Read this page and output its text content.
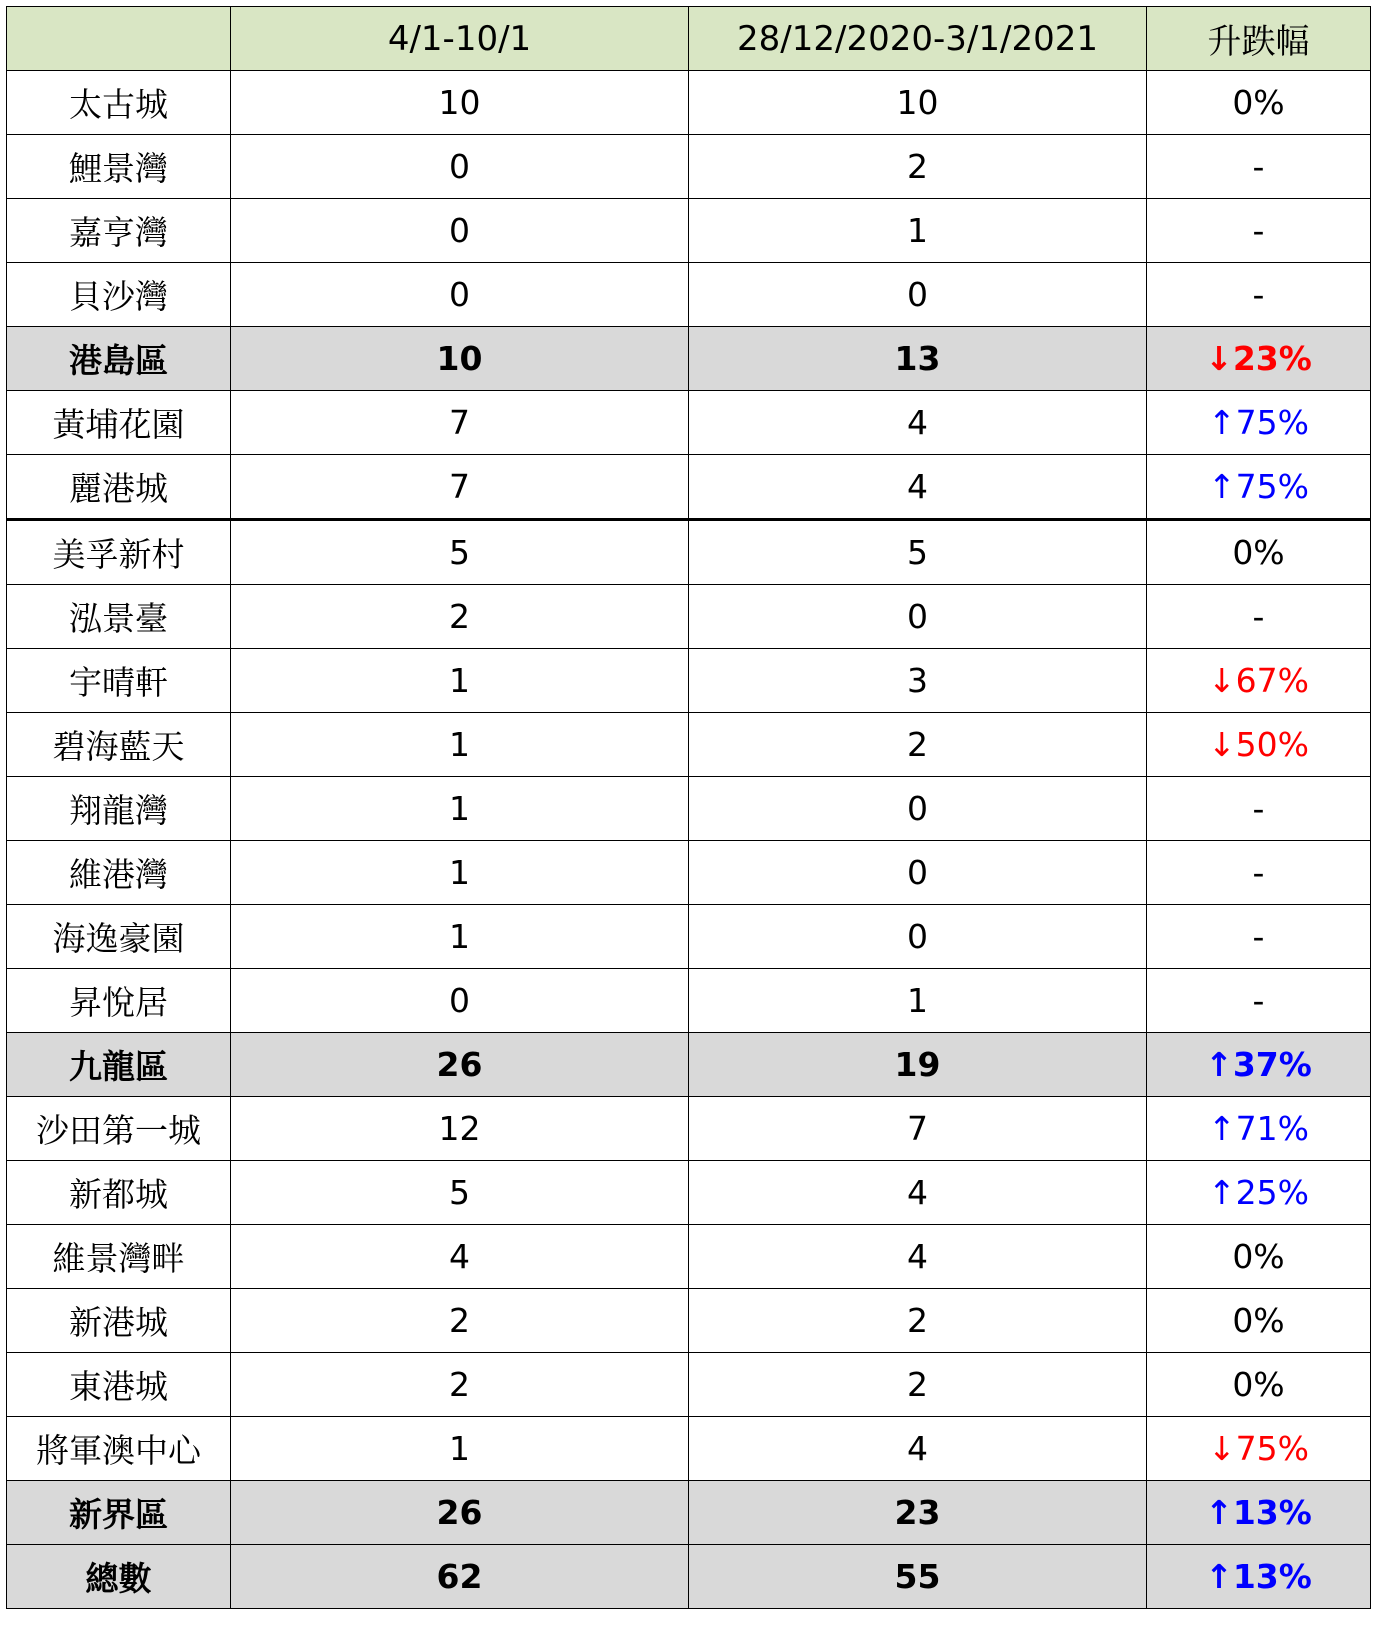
	4/1-10/1	28/12/2020-3/1/2021	升跌幅
太古城	10	10	0%
鯉景灣	0	2	-
嘉亨灣	0	1	-
貝沙灣	0	0	-
港島區	10	13	↓23%
黃埔花園	7	4	↑75%
麗港城	7	4	↑75%
美孚新村	5	5	0%
泓景臺	2	0	-
宇晴軒	1	3	↓67%
碧海藍天	1	2	↓50%
翔龍灣	1	0	-
維港灣	1	0	-
海逸豪園	1	0	-
昇悅居	0	1	-
九龍區	26	19	↑37%
沙田第一城	12	7	↑71%
新都城	5	4	↑25%
維景灣畔	4	4	0%
新港城	2	2	0%
東港城	2	2	0%
將軍澳中心	1	4	↓75%
新界區	26	23	↑13%
總數	62	55	↑13%
